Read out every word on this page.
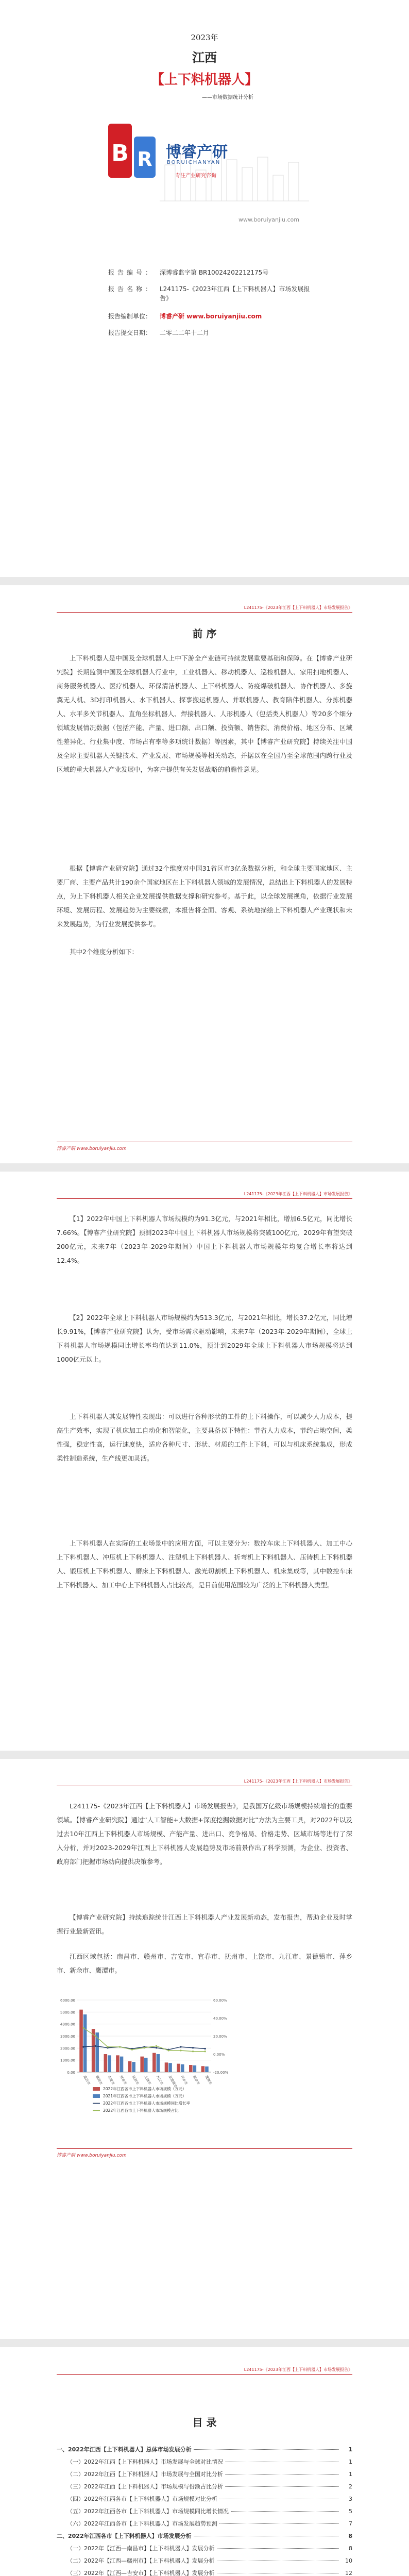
2023年
江西
【上下料机器人】
——市场数据统计分析
B R 博睿产研
BORUICHANYAN
专注产业研究咨询
www.boruiyanjiu.com
报告编号： 深博睿监字第 BR10024202212175号
报告名称： L241175-《2023年江西【上下料机器人】市场发展报告》
报告编制单位：	博睿产研 www.boruiyanjiu.com
报告提交日期：	二零二二年十二月
L241175-《2023年江西【上下料机器人】市场发展报告》
前 序
上下料机器人是中国及全球机器人上中下游全产业链可持续发展重要基础和保障。在【博睿产业研究院】长期监测中国及全球机器人行业中，工业机器人、移动机器人、巡检机器人、家用扫地机器人、商务服务机器人、医疗机器人、环保清洁机器人、上下料机器人、防疫爆破机器人、协作机器人、多旋翼无人机、3D打印机器人、水下机器人、探事搬运机器人、并联机器人、教育陪伴机器人、分拣机器人、水平多关节机器人、直角坐标机器人、焊接机器人、人形机器人（包括类人机器人）等20多个细分领域发展情况数据（包括产能、产量、进口额、出口额、投资额、销售额、消费价格、地区分布、区域性差异化、行业集中度、市场占有率等多项统计数据）等因素，其中【博睿产业研究院】持续关注中国及全球主要机器人关键技术、产业发展、市场规模等相关动态，并据以在全国乃至全球范围内跨行业及区域的重大机器人产业发展中，为客户提供有关发展战略的前瞻性意见。
根据【博睿产业研究院】通过32个维度对中国31省区市3亿条数据分析，和全球主要国家地区、主要厂商、主要产品共计190余个国家地区在上下料机器人领域的发展情况，总结出上下料机器人的发展特点，为上下料机器人相关企业发展提供数据支撑和研究参考。基于此，以全球发展视角，依据行业发展环境、发展历程、发展趋势为主要线索，本报告将全面、客观、系统地描绘上下料机器人产业现状和未来发展趋势，为行业发展提供参考。
其中2个维度分析如下：
博睿产研 www.boruiyanjiu.com
L241175-《2023年江西【上下料机器人】市场发展报告》
【1】2022年中国上下料机器人市场规模约为91.3亿元，与2021年相比，增加6.5亿元，同比增长7.66%。【博睿产业研究院】预测2023年中国上下料机器人市场规模将突破100亿元，2029年有望突破200亿元，未来7年（2023年-2029年期间）中国上下料机器人市场规模年均复合增长率将达到12.4%。
【2】2022年全球上下料机器人市场规模约为513.3亿元，与2021年相比，增长37.2亿元，同比增长9.91%，【博睿产业研究院】认为，受市场需求驱动影响，未来7年（2023年-2029年期间），全球上下料机器人市场规模同比增长率均值达到11.0%，预计到2029年全球上下料机器人市场规模将达到1000亿元以上。
上下料机器人其发展特性表现出：可以进行各种形状的工件的上下料操作，可以减少人力成本，提高生产效率，实现了机床加工自动化和智能化，主要具备以下特性：节省人力成本，节约占地空间，柔性强，稳定性高，运行速度快，适应各种尺寸、形状、材质的工件上下料，可以与机床系统集成，形成柔性制造系统，生产线更加灵活。
上下料机器人在实际的工业场景中的应用方面，可以主要分为：数控车床上下料机器人、加工中心上下料机器人、冲压机上下料机器人、注塑机上下料机器人、折弯机上下料机器人、压铸机上下料机器人、锻压机上下料机器人、磨床上下料机器人、激光切割机上下料机器人、机床集成等，其中数控车床上下料机器人、加工中心上下料机器人占比较高，是目前使用范围较为广泛的上下料机器人类型。
L241175-《2023年江西【上下料机器人】市场发展报告》
L241175-《2023年江西【上下料机器人】市场发展报告》，是我国万亿级市场规模持续增长的重要领域。【博睿产业研究院】通过“人工智能+大数据+深度挖掘数据对比”方法为主要工具，对2022年以及过去10年江西上下料机器人市场规模、产能产量、进出口、竞争格局、价格走势、区域市场等进行了深入分析，并对2023-2029年江西上下料机器人发展趋势及市场前景作出了科学预测，为企业、投资者、政府部门把握市场动向提供决策参考。
【博睿产业研究院】持续追踪统计江西上下料机器人产业发展新动态，发布报告，帮助企业及时掌握行业最新资讯。
江西区域包括：南昌市、赣州市、吉安市、宜春市、抚州市、上饶市、九江市、景德镇市、萍乡市、新余市、鹰潭市。
0.00
1000.00
2000.00
3000.00
4000.00
5000.00
6000.00
-20.00%
0.00%
20.00%
40.00%
60.00%
南昌市 赣州市 吉安市 宜春市 抚州市 上饶市 九江市 景德镇市 萍乡市 新余市 鹰潭市
2022年江西各市上下料机器人市场规模（万元）
2021年江西各市上下料机器人市场规模（万元）
2022年江西各市上下料机器人市场规模同比增长率
2022年江西各市上下料机器人市场规模占比
博睿产研 www.boruiyanjiu.com
L241175-《2023年江西【上下料机器人】市场发展报告》
目 录
一、2022年江西【上下料机器人】总体市场发展分析	1
（一）2022年江西【上下料机器人】市场发展与全球对比情况	1
（二）2022年江西【上下料机器人】市场发展与全国对比分析	1
（三）2022年江西【上下料机器人】市场规模与份额占比分析	2
（四）2022年江西各市【上下料机器人】市场规模对比分析	3
（五）2022年江西各市【上下料机器人】市场规模同比增长情况	5
（六）2022年江西各市【上下料机器人】市场发展趋势预测	7
二、2022年江西各市【上下料机器人】市场发展分析	8
（一）2022年【江西—南昌市】【上下料机器人】发展分析	8
（二）2022年【江西—赣州市】【上下料机器人】发展分析	10
（三）2022年【江西—吉安市】【上下料机器人】发展分析	12
